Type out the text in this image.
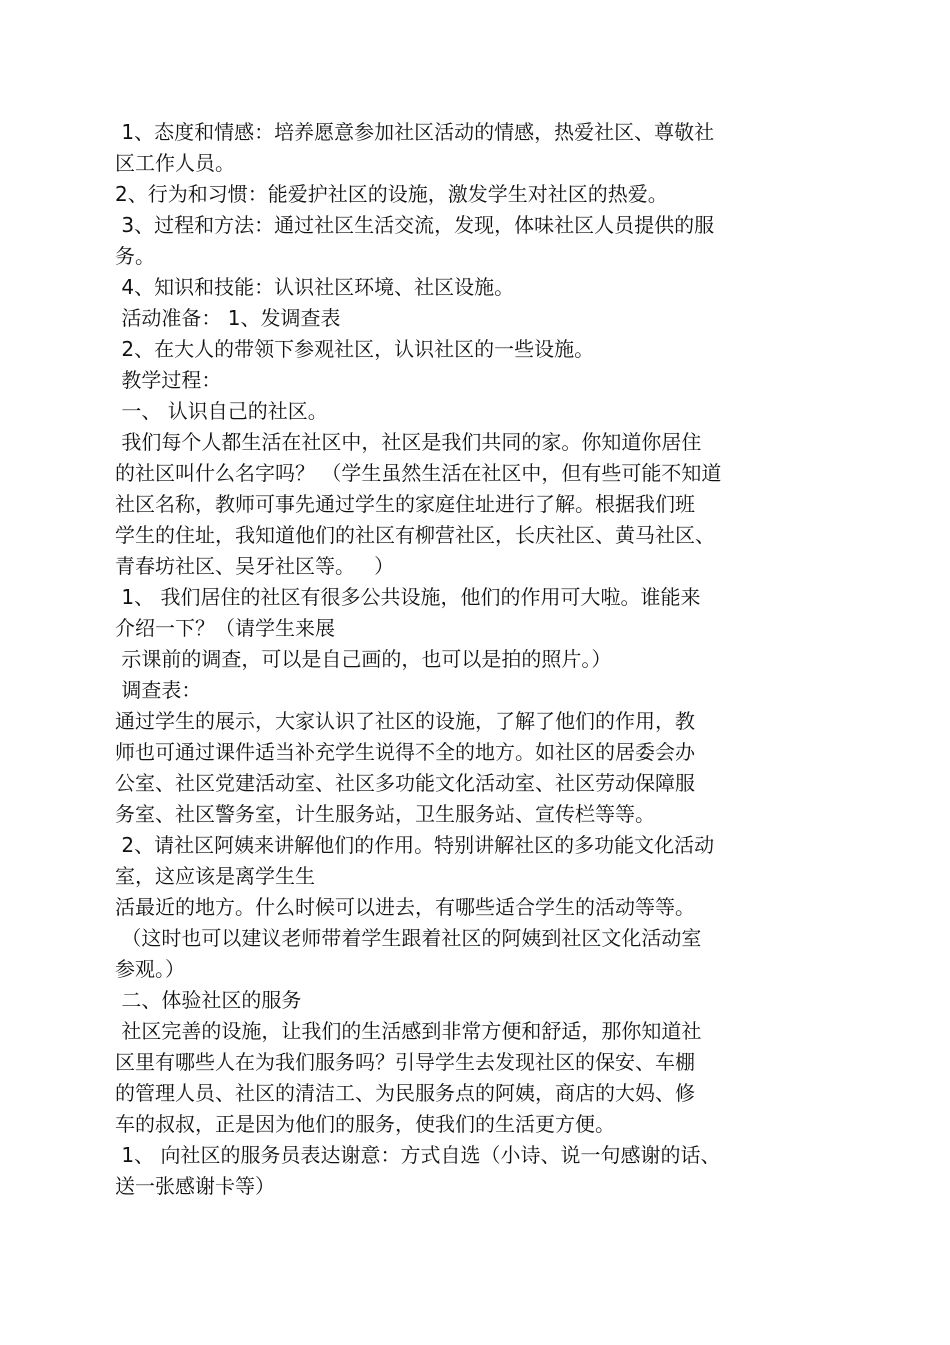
1、态度和情感：培养愿意参加社区活动的情感，热爱社区、尊敬社

区工作人员。

2、行为和习惯：能爱护社区的设施，激发学生对社区的热爱。

3、过程和方法：通过社区生活交流，发现，体味社区人员提供的服

务。

4、知识和技能：认识社区环境、社区设施。

活动准备： 1、发调查表

2、在大人的带领下参观社区，认识社区的一些设施。

教学过程：

一、 认识自己的社区。

我们每个人都生活在社区中，社区是我们共同的家。你知道你居住

的社区叫什么名字吗？ （学生虽然生活在社区中，但有些可能不知道

社区名称，教师可事先通过学生的家庭住址进行了解。根据我们班

学生的住址，我知道他们的社区有柳营社区，长庆社区、黄马社区、

青春坊社区、吴牙社区等。   ）

1、 我们居住的社区有很多公共设施，他们的作用可大啦。谁能来

介绍一下？（请学生来展

示课前的调查，可以是自己画的，也可以是拍的照片。）

调查表：

通过学生的展示，大家认识了社区的设施，了解了他们的作用，教

师也可通过课件适当补充学生说得不全的地方。如社区的居委会办

公室、社区党建活动室、社区多功能文化活动室、社区劳动保障服

务室、社区警务室，计生服务站，卫生服务站、宣传栏等等。

2、请社区阿姨来讲解他们的作用。特别讲解社区的多功能文化活动

室，这应该是离学生生

活最近的地方。什么时候可以进去，有哪些适合学生的活动等等。

（这时也可以建议老师带着学生跟着社区的阿姨到社区文化活动室

参观。）

二、体验社区的服务

社区完善的设施，让我们的生活感到非常方便和舒适，那你知道社

区里有哪些人在为我们服务吗？引导学生去发现社区的保安、车棚

的管理人员、社区的清洁工、为民服务点的阿姨，商店的大妈、修

车的叔叔，正是因为他们的服务，使我们的生活更方便。

1、 向社区的服务员表达谢意：方式自选（小诗、说一句感谢的话、

送一张感谢卡等）
